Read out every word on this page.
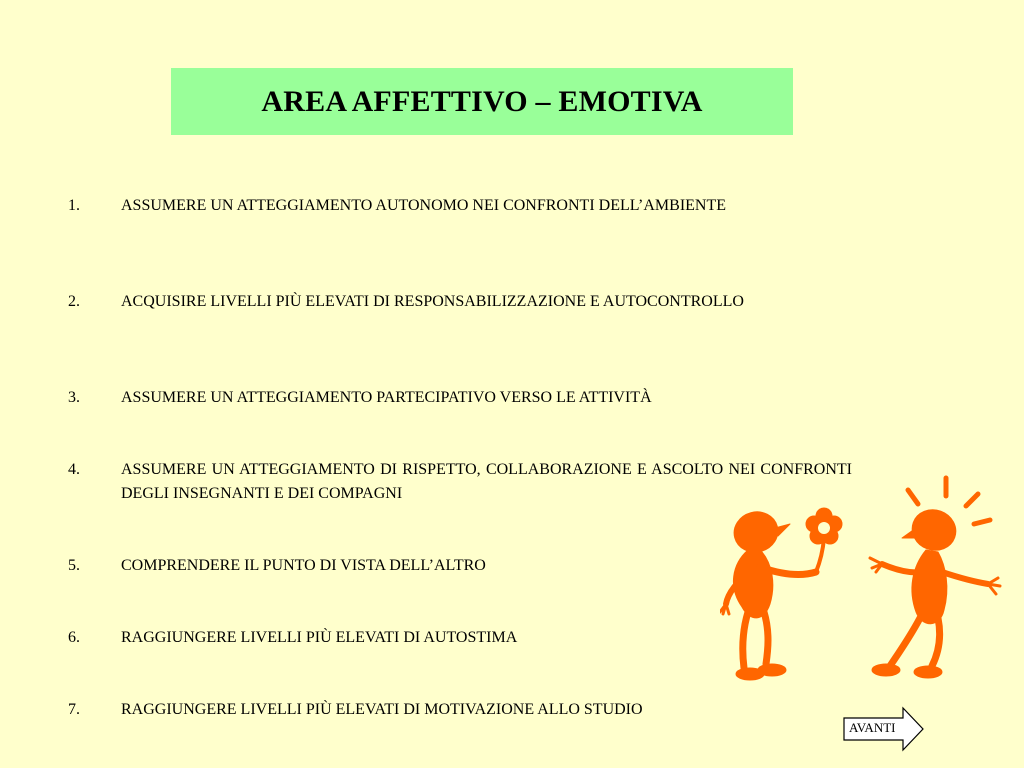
AREA AFFETTIVO – EMOTIVA
1.	ASSUMERE UN ATTEGGIAMENTO AUTONOMO NEI CONFRONTI DELL’AMBIENTE
2.	ACQUISIRE LIVELLI PIÙ ELEVATI DI RESPONSABILIZZAZIONE E AUTOCONTROLLO
3.	ASSUMERE UN ATTEGGIAMENTO PARTECIPATIVO VERSO LE ATTIVITÀ
4.	ASSUMERE UN ATTEGGIAMENTO DI RISPETTO, COLLABORAZIONE E ASCOLTO NEI CONFRONTI DEGLI INSEGNANTI E DEI COMPAGNI
5.	COMPRENDERE IL PUNTO DI VISTA DELL’ALTRO
6.	RAGGIUNGERE LIVELLI PIÙ ELEVATI DI AUTOSTIMA
7.	RAGGIUNGERE LIVELLI PIÙ ELEVATI DI MOTIVAZIONE ALLO STUDIO
AVANTI
